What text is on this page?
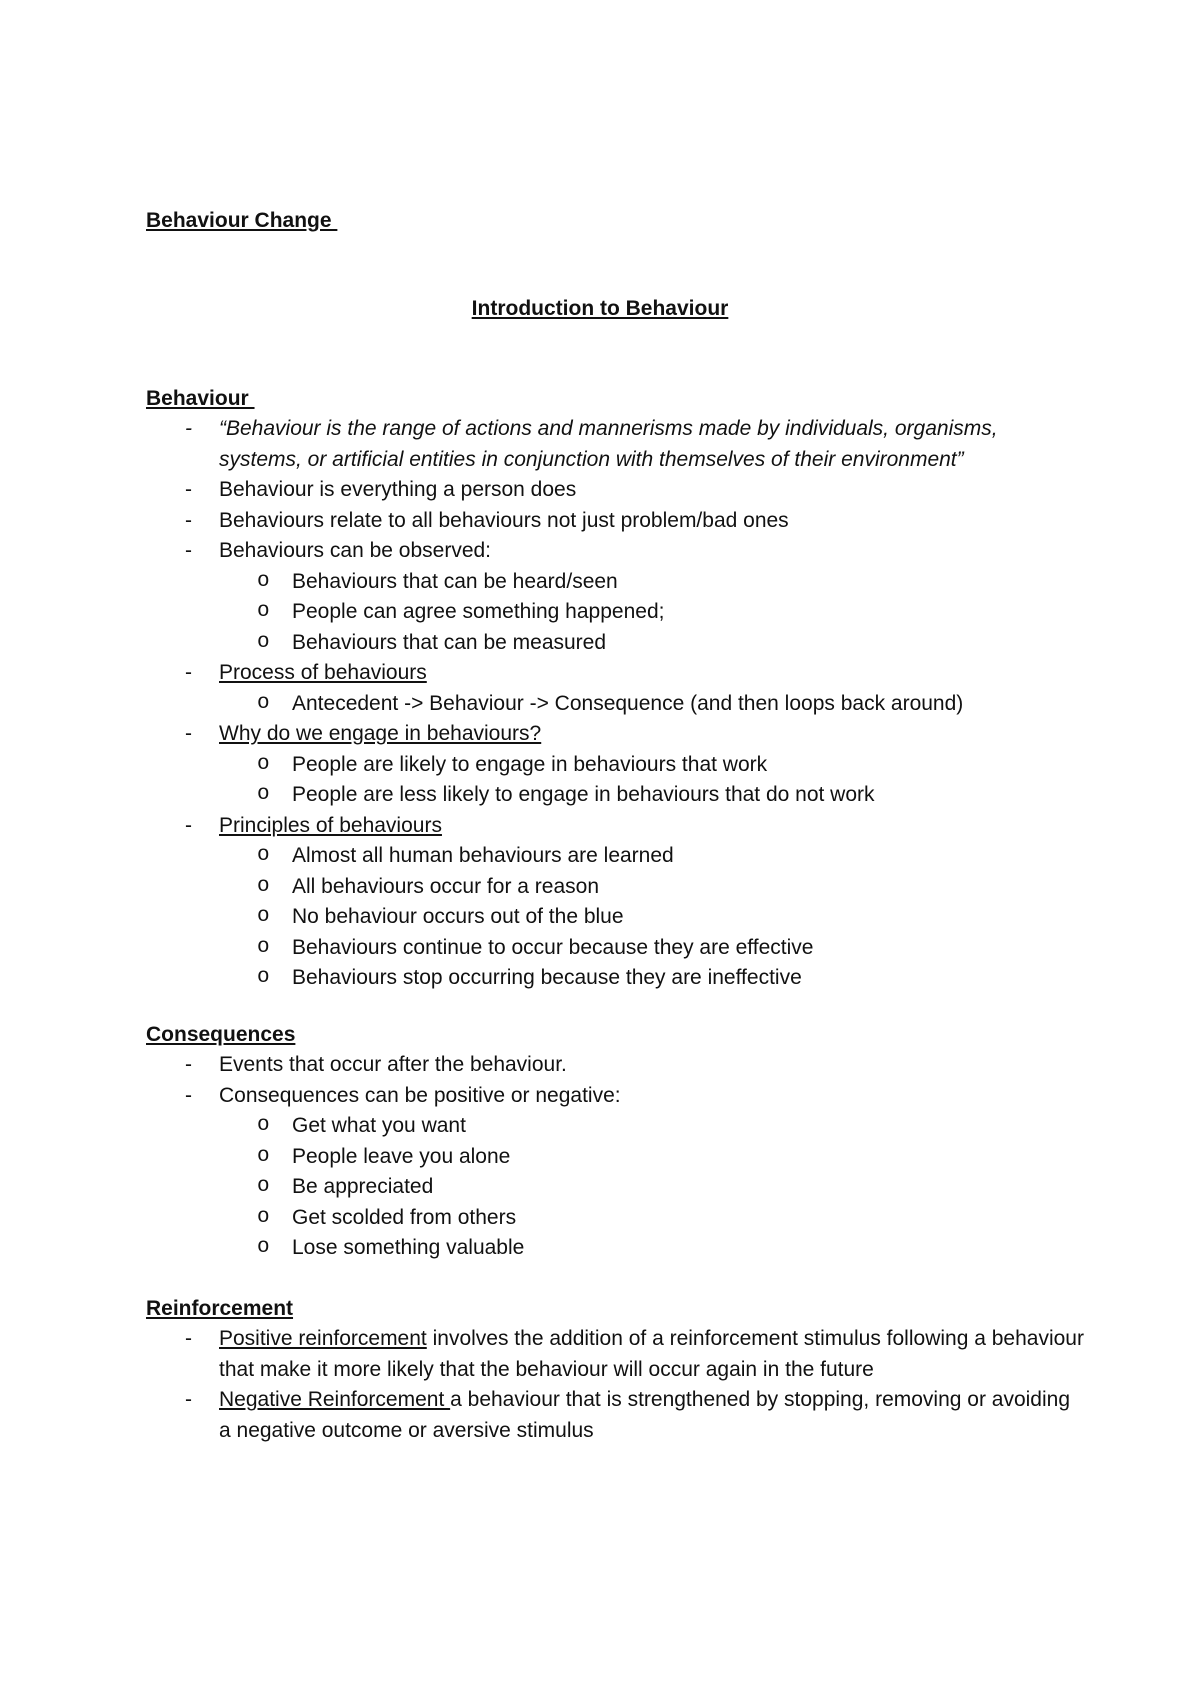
Behaviour Change
Introduction to Behaviour
Behaviour
- “Behaviour is the range of actions and mannerisms made by individuals, organisms, systems, or artificial entities in conjunction with themselves of their environment”
- Behaviour is everything a person does
- Behaviours relate to all behaviours not just problem/bad ones
- Behaviours can be observed:
o Behaviours that can be heard/seen
o People can agree something happened;
o Behaviours that can be measured
- Process of behaviours
o Antecedent -> Behaviour -> Consequence (and then loops back around)
- Why do we engage in behaviours?
o People are likely to engage in behaviours that work
o People are less likely to engage in behaviours that do not work
- Principles of behaviours
o Almost all human behaviours are learned
o All behaviours occur for a reason
o No behaviour occurs out of the blue
o Behaviours continue to occur because they are effective
o Behaviours stop occurring because they are ineffective
Consequences
- Events that occur after the behaviour.
- Consequences can be positive or negative:
o Get what you want
o People leave you alone
o Be appreciated
o Get scolded from others
o Lose something valuable
Reinforcement
- Positive reinforcement involves the addition of a reinforcement stimulus following a behaviour that make it more likely that the behaviour will occur again in the future
- Negative Reinforcement a behaviour that is strengthened by stopping, removing or avoiding a negative outcome or aversive stimulus
